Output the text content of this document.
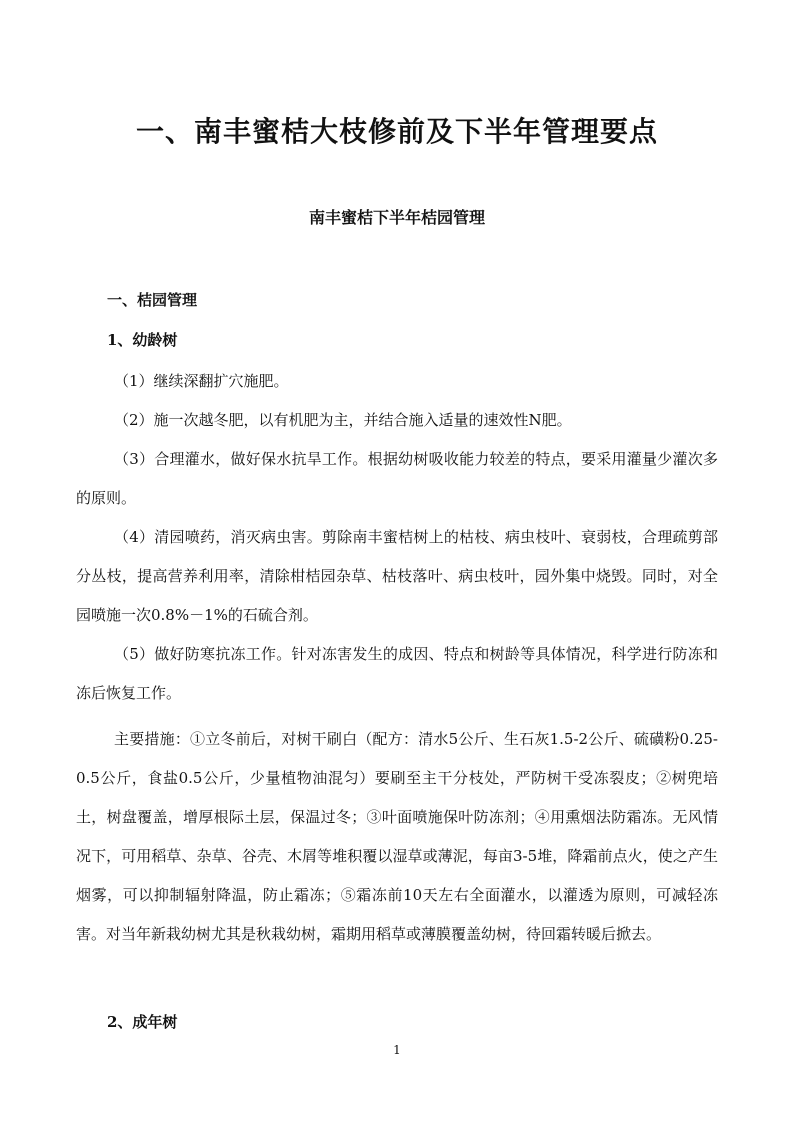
一、南丰蜜桔大枝修前及下半年管理要点
南丰蜜桔下半年桔园管理
一、桔园管理
1、幼龄树
（1）继续深翻扩穴施肥。
（2）施一次越冬肥，以有机肥为主，并结合施入适量的速效性N肥。
（3）合理灌水，做好保水抗旱工作。根据幼树吸收能力较差的特点，要采用灌量少灌次多的原则。
（4）清园喷药，消灭病虫害。剪除南丰蜜桔树上的枯枝、病虫枝叶、衰弱枝，合理疏剪部分丛枝，提高营养利用率，清除柑桔园杂草、枯枝落叶、病虫枝叶，园外集中烧毁。同时，对全园喷施一次0.8%－1%的石硫合剂。
（5）做好防寒抗冻工作。针对冻害发生的成因、特点和树龄等具体情况，科学进行防冻和冻后恢复工作。
主要措施：①立冬前后，对树干刷白（配方：清水5公斤、生石灰1.5-2公斤、硫磺粉0.25-0.5公斤，食盐0.5公斤，少量植物油混匀）要刷至主干分枝处，严防树干受冻裂皮；②树兜培土，树盘覆盖，增厚根际土层，保温过冬；③叶面喷施保叶防冻剂；④用熏烟法防霜冻。无风情况下，可用稻草、杂草、谷壳、木屑等堆积覆以湿草或薄泥，每亩3-5堆，降霜前点火，使之产生烟雾，可以抑制辐射降温，防止霜冻；⑤霜冻前10天左右全面灌水，以灌透为原则，可减轻冻害。对当年新栽幼树尤其是秋栽幼树，霜期用稻草或薄膜覆盖幼树，待回霜转暖后掀去。
2、成年树
1
